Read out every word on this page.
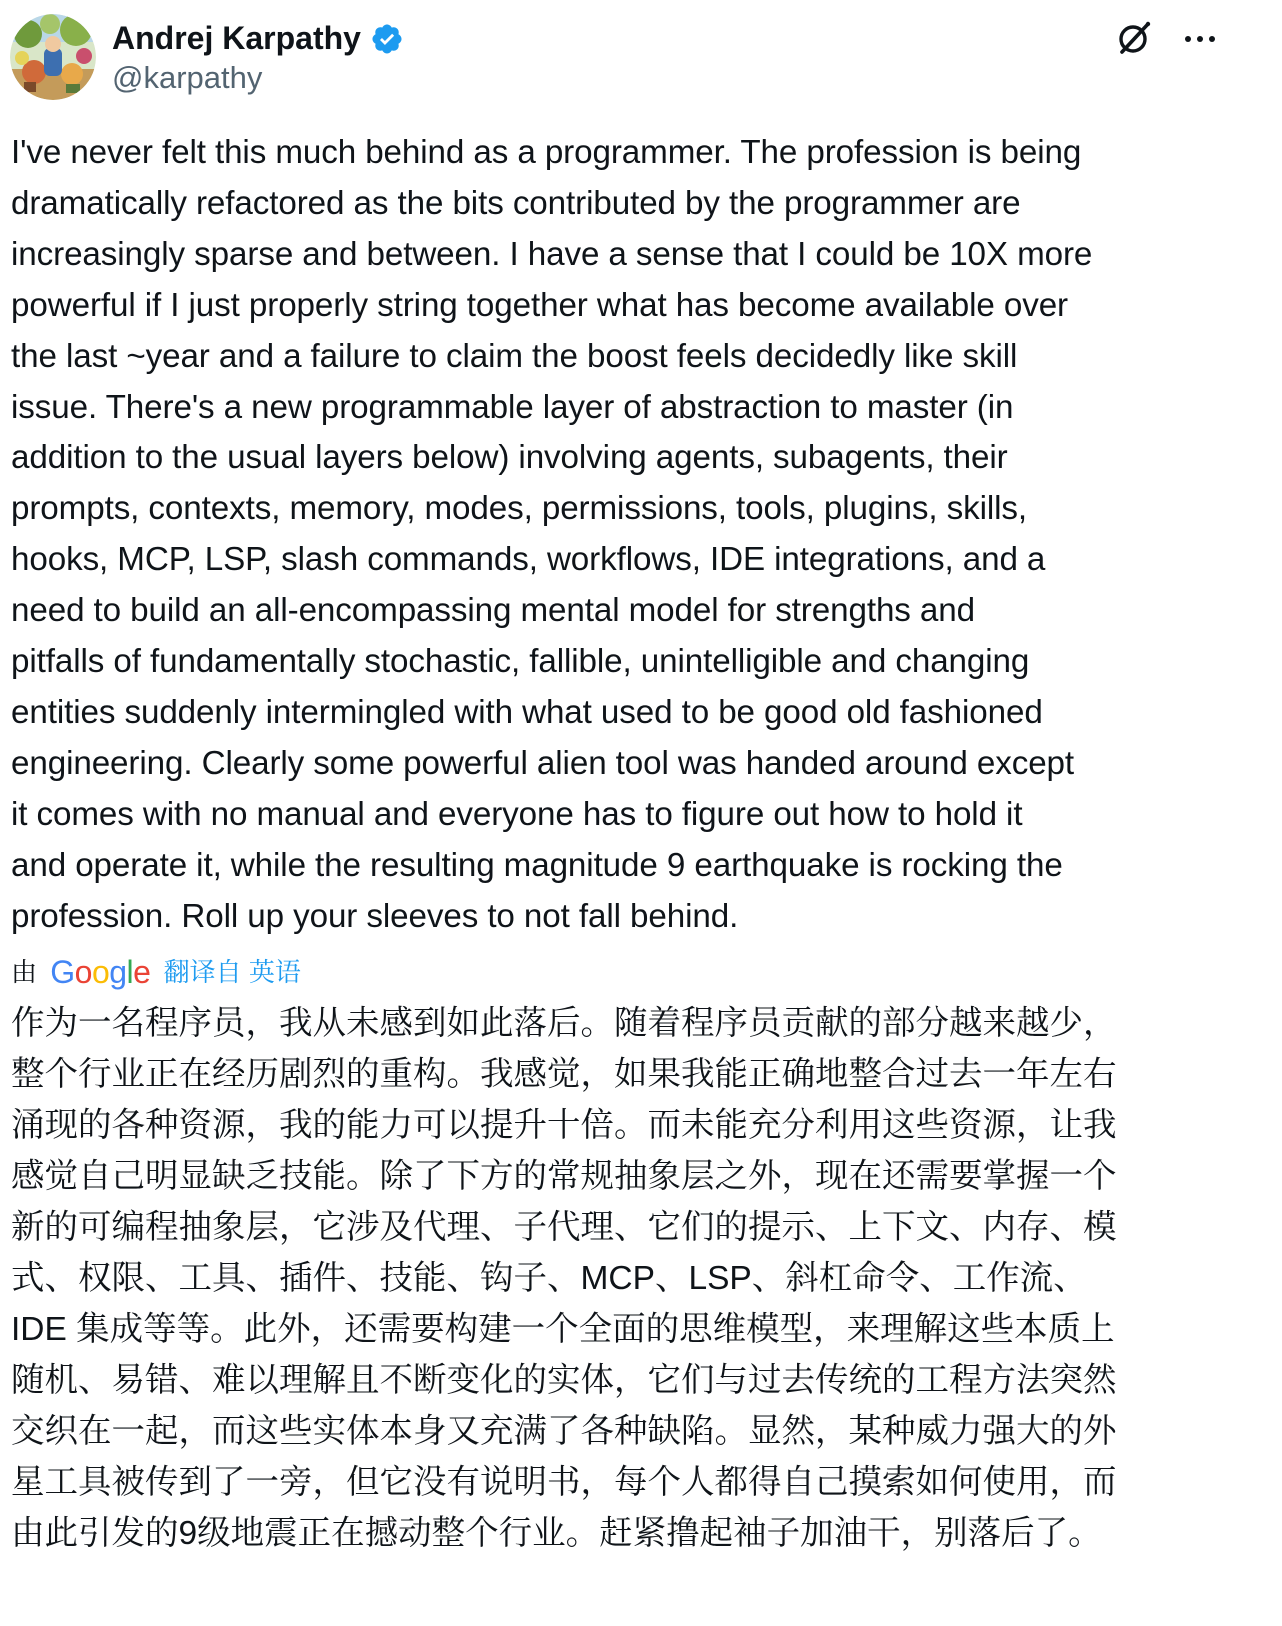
Andrej Karpathy
@karpathy
I've never felt this much behind as a programmer. The profession is being
dramatically refactored as the bits contributed by the programmer are
increasingly sparse and between. I have a sense that I could be 10X more
powerful if I just properly string together what has become available over
the last ~year and a failure to claim the boost feels decidedly like skill
issue. There's a new programmable layer of abstraction to master (in
addition to the usual layers below) involving agents, subagents, their
prompts, contexts, memory, modes, permissions, tools, plugins, skills,
hooks, MCP, LSP, slash commands, workflows, IDE integrations, and a
need to build an all-encompassing mental model for strengths and
pitfalls of fundamentally stochastic, fallible, unintelligible and changing
entities suddenly intermingled with what used to be good old fashioned
engineering. Clearly some powerful alien tool was handed around except
it comes with no manual and everyone has to figure out how to hold it
and operate it, while the resulting magnitude 9 earthquake is rocking the
profession. Roll up your sleeves to not fall behind.
由 Google 翻译自 英语
作为一名程序员，我从未感到如此落后。随着程序员贡献的部分越来越少，
整个行业正在经历剧烈的重构。我感觉，如果我能正确地整合过去一年左右
涌现的各种资源，我的能力可以提升十倍。而未能充分利用这些资源，让我
感觉自己明显缺乏技能。除了下方的常规抽象层之外，现在还需要掌握一个
新的可编程抽象层，它涉及代理、子代理、它们的提示、上下文、内存、模
式、权限、工具、插件、技能、钩子、MCP、LSP、斜杠命令、工作流、
IDE 集成等等。此外，还需要构建一个全面的思维模型，来理解这些本质上
随机、易错、难以理解且不断变化的实体，它们与过去传统的工程方法突然
交织在一起，而这些实体本身又充满了各种缺陷。显然，某种威力强大的外
星工具被传到了一旁，但它没有说明书，每个人都得自己摸索如何使用，而
由此引发的9级地震正在撼动整个行业。赶紧撸起袖子加油干，别落后了。
